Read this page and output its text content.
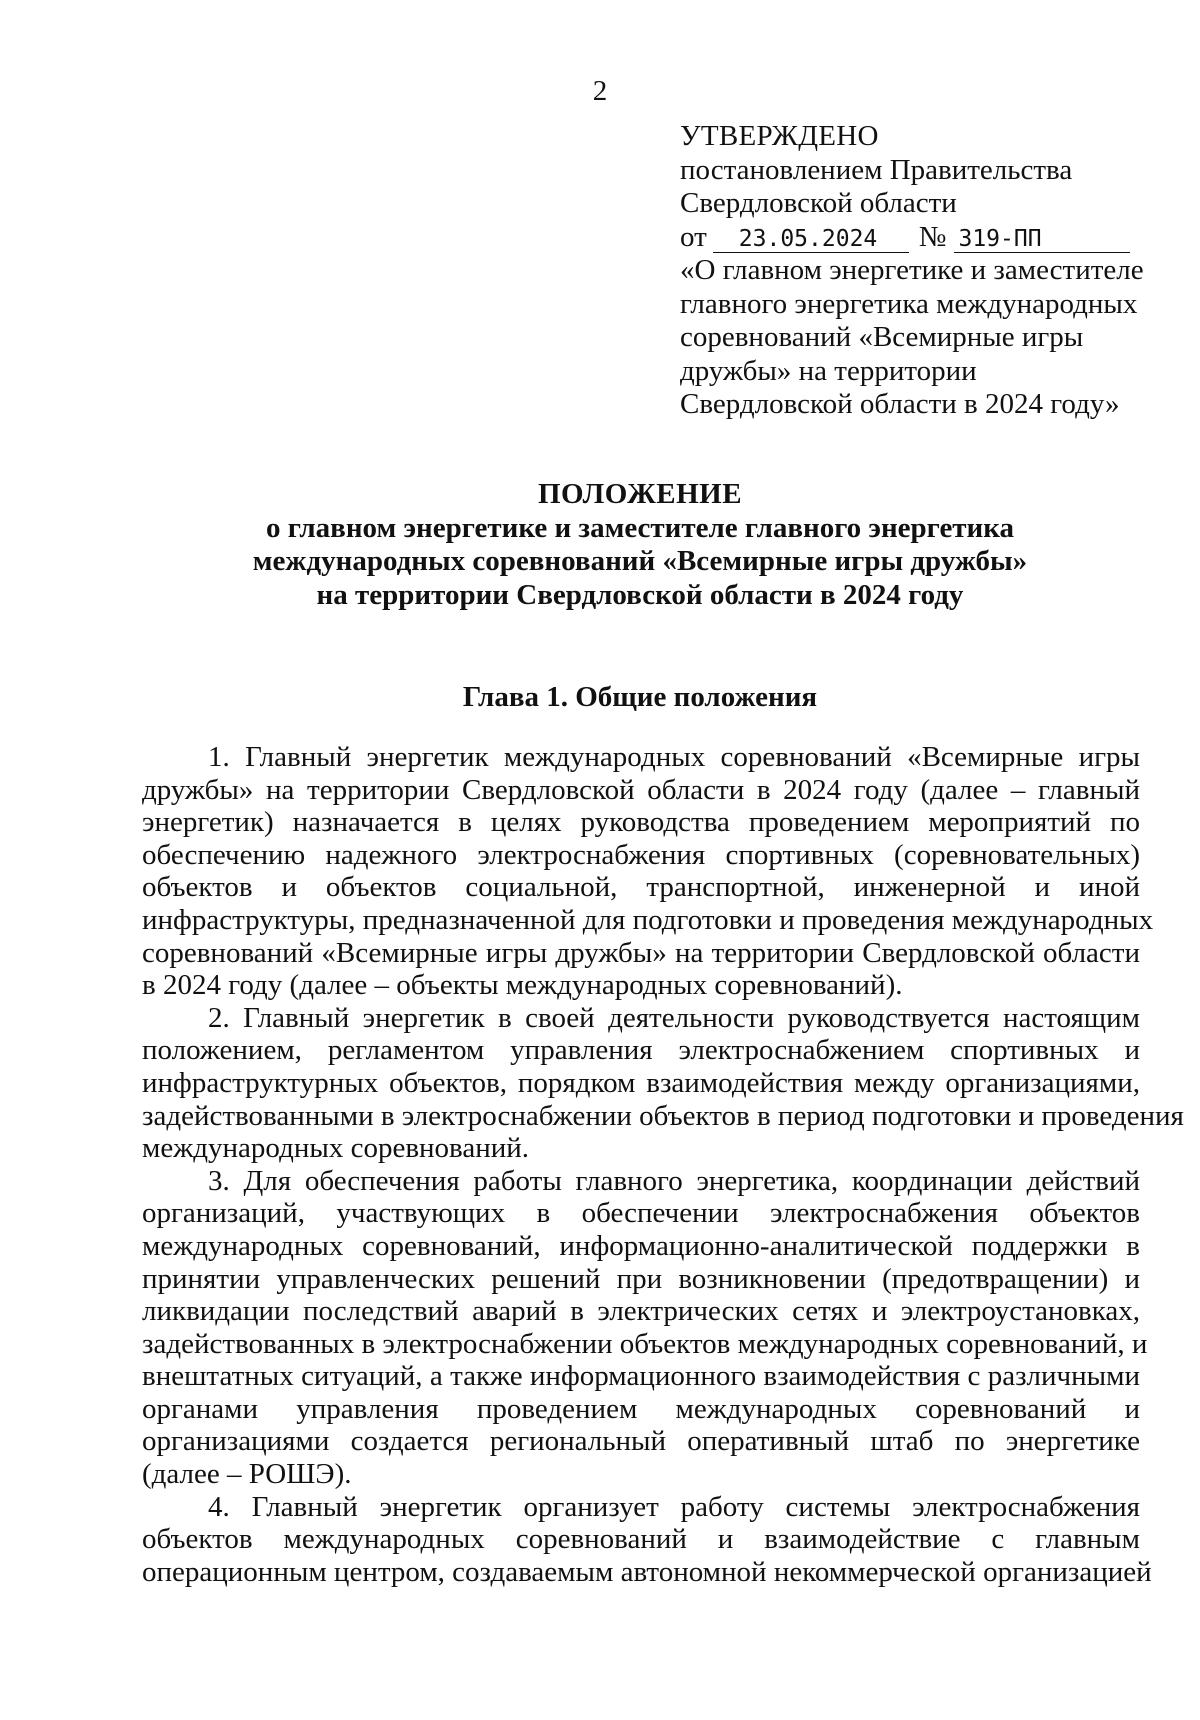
2
УТВЕРЖДЕНО
постановлением Правительства
Свердловской области
от 23.05.2024 № 319-ПП
«О главном энергетике и заместителе
главного энергетика международных
соревнований «Всемирные игры
дружбы» на территории
Свердловской области в 2024 году»
ПОЛОЖЕНИЕ
о главном энергетике и заместителе главного энергетика
международных соревнований «Всемирные игры дружбы»
на территории Свердловской области в 2024 году
Глава 1. Общие положения
1. Главный энергетик международных соревнований «Всемирные игры
дружбы» на территории Свердловской области в 2024 году (далее – главный
энергетик) назначается в целях руководства проведением мероприятий по
обеспечению надежного электроснабжения спортивных (соревновательных)
объектов и объектов социальной, транспортной, инженерной и иной
инфраструктуры, предназначенной для подготовки и проведения международных
соревнований «Всемирные игры дружбы» на территории Свердловской области
в 2024 году (далее – объекты международных соревнований).
2. Главный энергетик в своей деятельности руководствуется настоящим
положением, регламентом управления электроснабжением спортивных и
инфраструктурных объектов, порядком взаимодействия между организациями,
задействованными в электроснабжении объектов в период подготовки и проведения
международных соревнований.
3. Для обеспечения работы главного энергетика, координации действий
организаций, участвующих в обеспечении электроснабжения объектов
международных соревнований, информационно-аналитической поддержки в
принятии управленческих решений при возникновении (предотвращении) и
ликвидации последствий аварий в электрических сетях и электроустановках,
задействованных в электроснабжении объектов международных соревнований, и
внештатных ситуаций, а также информационного взаимодействия с различными
органами управления проведением международных соревнований и
организациями создается региональный оперативный штаб по энергетике
(далее – РОШЭ).
4. Главный энергетик организует работу системы электроснабжения
объектов международных соревнований и взаимодействие с главным
операционным центром, создаваемым автономной некоммерческой организацией
